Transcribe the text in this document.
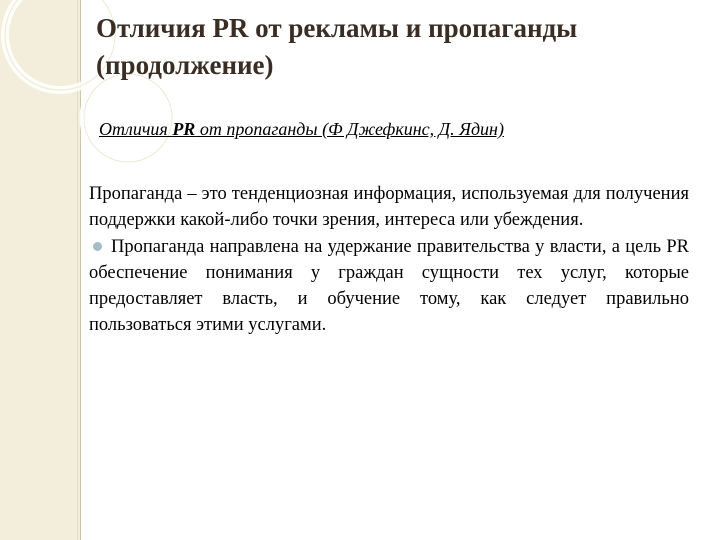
Отличия PR от рекламы и пропаганды (продолжение)
Отличия PR от пропаганды (Ф Джефкинс, Д. Ядин)

Пропаганда – это тенденциозная информация, используемая для получения поддержки какой-либо точки зрения, интереса или убеждения.

Пропаганда направлена на удержание правительства у власти, а цель PR обеспечение понимания у граждан сущности тех услуг, которые предоставляет власть, и обучение тому, как следует правильно пользоваться этими услугами.
